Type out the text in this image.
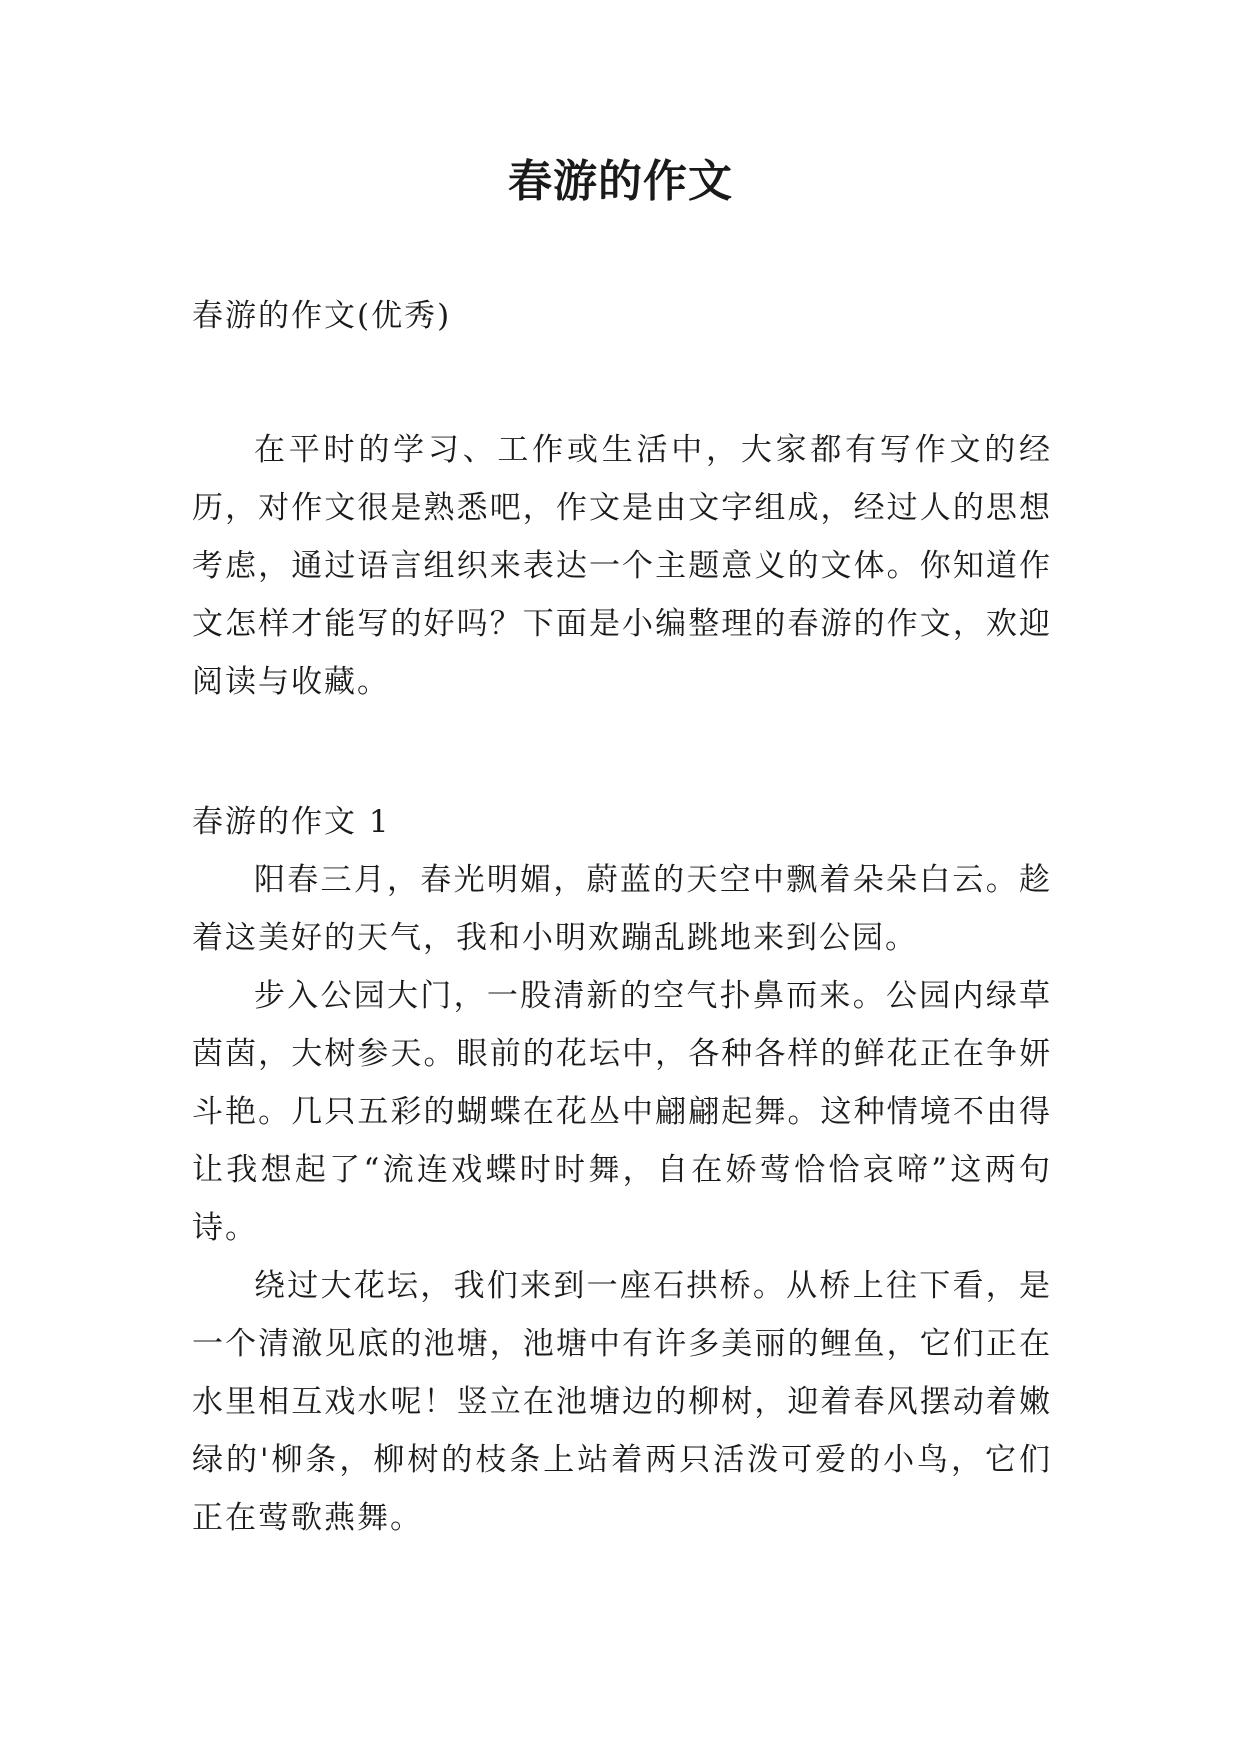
春游的作文

春游的作文(优秀)

在平时的学习、工作或生活中，大家都有写作文的经历，对作文很是熟悉吧，作文是由文字组成，经过人的思想考虑，通过语言组织来表达一个主题意义的文体。你知道作文怎样才能写的好吗？下面是小编整理的春游的作文，欢迎阅读与收藏。

春游的作文 1

阳春三月，春光明媚，蔚蓝的天空中飘着朵朵白云。趁着这美好的天气，我和小明欢蹦乱跳地来到公园。

步入公园大门，一股清新的空气扑鼻而来。公园内绿草茵茵，大树参天。眼前的花坛中，各种各样的鲜花正在争妍斗艳。几只五彩的蝴蝶在花丛中翩翩起舞。这种情境不由得让我想起了“流连戏蝶时时舞，自在娇莺恰恰哀啼”这两句诗。

绕过大花坛，我们来到一座石拱桥。从桥上往下看，是一个清澈见底的池塘，池塘中有许多美丽的鲤鱼，它们正在水里相互戏水呢！竖立在池塘边的柳树，迎着春风摆动着嫩绿的'柳条，柳树的枝条上站着两只活泼可爱的小鸟，它们正在莺歌燕舞。
